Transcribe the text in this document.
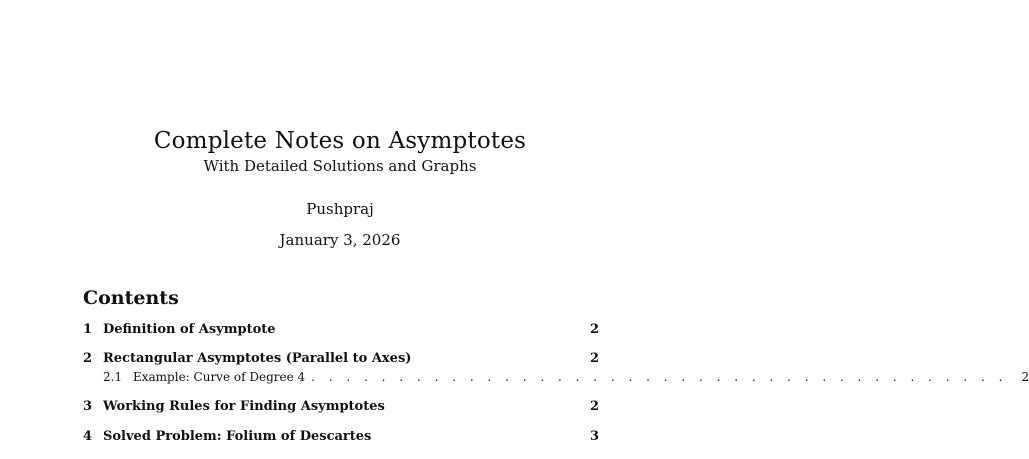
Complete Notes on Asymptotes
With Detailed Solutions and Graphs
Pushpraj
January 3, 2026
Contents
1 Definition of Asymptote	2
2 Rectangular Asymptotes (Parallel to Axes)	2
2.1 Example: Curve of Degree 4 . . . . . . . . . . . . . . . . . . . . . . . . . . . . . . . . . . . . . . . . 2
3 Working Rules for Finding Asymptotes	2
4 Solved Problem: Folium of Descartes	3
